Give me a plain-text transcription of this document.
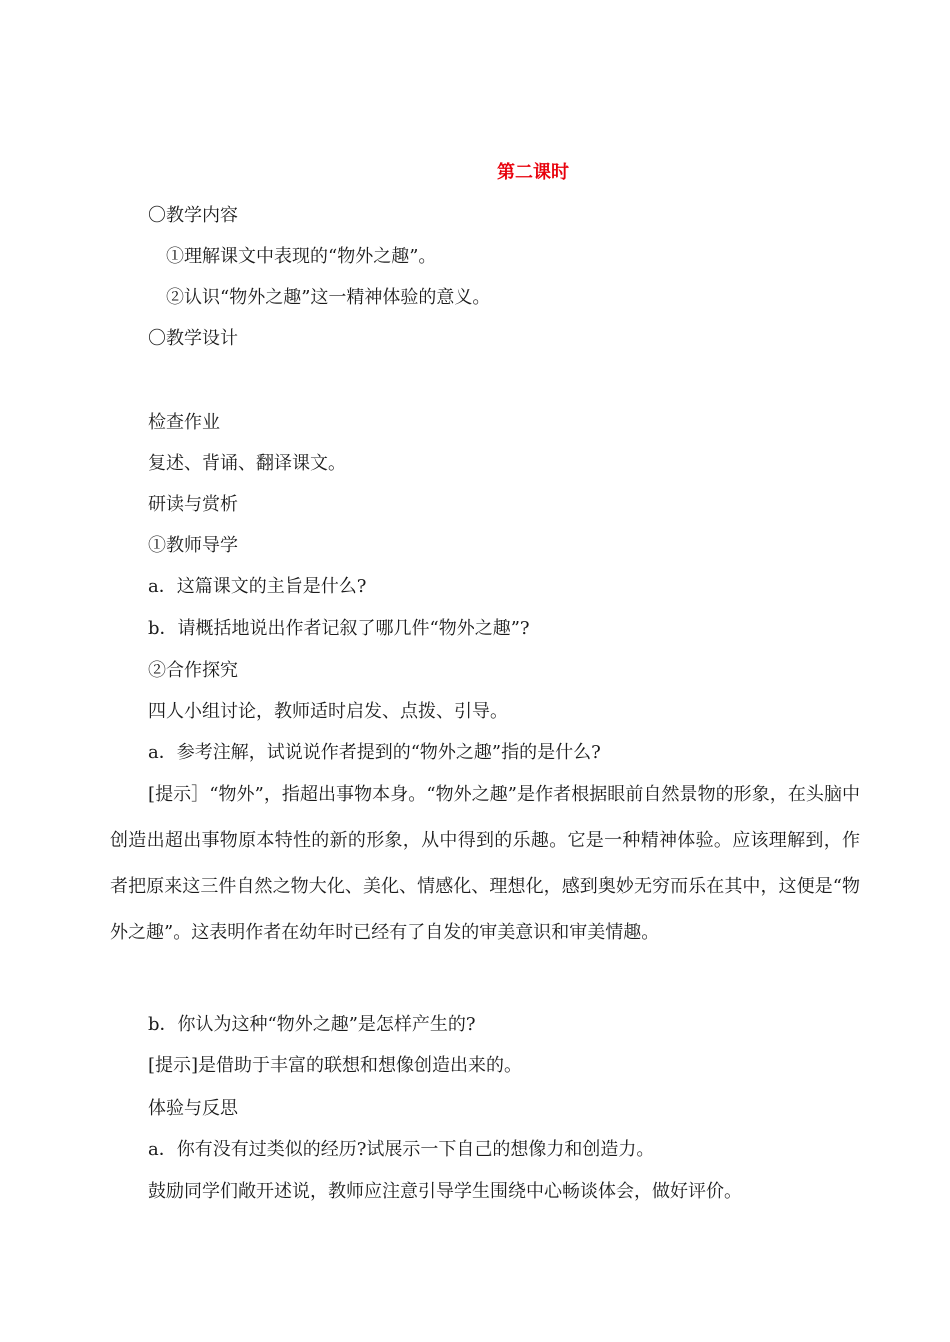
第二课时
〇教学内容
①理解课文中表现的“物外之趣”。
②认识“物外之趣”这一精神体验的意义。
〇教学设计
检查作业
复述、背诵、翻译课文。
研读与赏析
①教师导学
a．这篇课文的主旨是什么?
b．请概括地说出作者记叙了哪几件“物外之趣”?
②合作探究
四人小组讨论，教师适时启发、点拨、引导。
a．参考注解，试说说作者提到的“物外之趣”指的是什么?
[提示］“物外”，指超出事物本身。“物外之趣”是作者根据眼前自然景物的形象，在头脑中创造出超出事物原本特性的新的形象，从中得到的乐趣。它是一种精神体验。应该理解到，作者把原来这三件自然之物大化、美化、情感化、理想化，感到奥妙无穷而乐在其中，这便是“物外之趣”。这表明作者在幼年时已经有了自发的审美意识和审美情趣。
b．你认为这种“物外之趣”是怎样产生的?
[提示]是借助于丰富的联想和想像创造出来的。
体验与反思
a．你有没有过类似的经历?试展示一下自己的想像力和创造力。
鼓励同学们敞开述说，教师应注意引导学生围绕中心畅谈体会，做好评价。
